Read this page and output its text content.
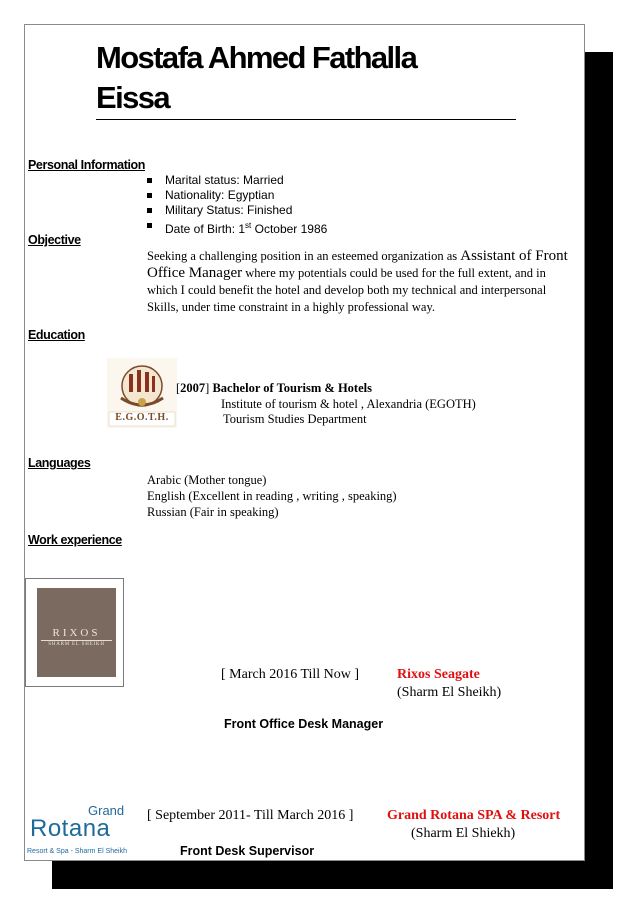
Mostafa Ahmed Fathalla
Eissa
Personal Information
Marital status: Married
Nationality: Egyptian
Military Status: Finished
Date of Birth: 1st October 1986
Objective
Seeking a challenging position in an esteemed organization as Assistant of Front Office Manager where my potentials could be used for the full extent, and in which I could benefit the hotel and develop both my technical and interpersonal Skills, under time constraint in a highly professional way.
Education
E.G.O.T.H.
[2007] Bachelor of Tourism & Hotels
Institute of tourism & hotel , Alexandria (EGOTH)
Tourism Studies Department
Languages
Arabic (Mother tongue)
English (Excellent in reading , writing , speaking)
Russian (Fair in speaking)
Work experience
RIXOS
SHARM EL SHEIKH
[ March 2016 Till Now ]	Rixos Seagate
(Sharm El Sheikh)
Front Office Desk Manager
Grand
Rotana
Resort & Spa - Sharm El Sheikh
[ September 2011- Till March 2016 ] Grand Rotana SPA & Resort
(Sharm El Shiekh)
Front Desk Supervisor
